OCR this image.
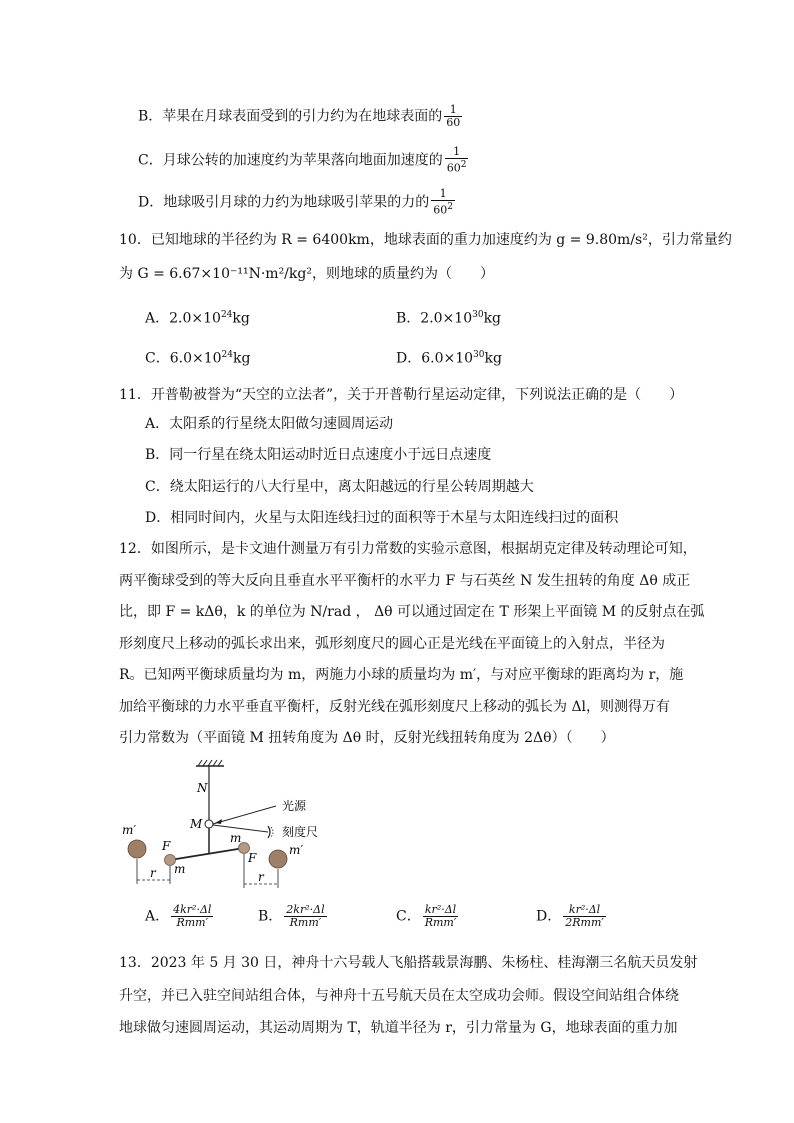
B．苹果在月球表面受到的引力约为在地球表面的 $\frac{1}{60}$
C．月球公转的加速度约为苹果落向地面加速度的 $\frac{1}{60^2}$
D．地球吸引月球的力约为地球吸引苹果的力的 $\frac{1}{60^2}$
10．已知地球的半径约为 R = 6400km，地球表面的重力加速度约为 g = 9.80m/s²，引力常量约
为 G = 6.67×10⁻¹¹N·m²/kg²，则地球的质量约为（　　）
A．$2.0\times 10^{24}kg$	B．$2.0\times 10^{30}kg$
C．$6.0\times 10^{24}kg$	D．$6.0\times 10^{30}kg$
11．开普勒被誉为“天空的立法者”，关于开普勒行星运动定律，下列说法正确的是（　　）
A．太阳系的行星绕太阳做匀速圆周运动
B．同一行星在绕太阳运动时近日点速度小于远日点速度
C．绕太阳运行的八大行星中，离太阳越远的行星公转周期越大
D．相同时间内，火星与太阳连线扫过的面积等于木星与太阳连线扫过的面积
12．如图所示，是卡文迪什测量万有引力常数的实验示意图，根据胡克定律及转动理论可知，
两平衡球受到的等大反向且垂直水平平衡杆的水平力 F 与石英丝 N 发生扭转的角度 Δθ 成正
比，即 F = kΔθ，k 的单位为 N/rad ， Δθ 可以通过固定在 T 形架上平面镜 M 的反射点在弧
形刻度尺上移动的弧长求出来，弧形刻度尺的圆心正是光线在平面镜上的入射点，半径为
R。已知两平衡球质量均为 m，两施力小球的质量均为 m′，与对应平衡球的距离均为 r，施
加给平衡球的力水平垂直平衡杆，反射光线在弧形刻度尺上移动的弧长为 Δl，则测得万有
引力常数为（平面镜 M 扭转角度为 Δθ 时，反射光线扭转角度为 2Δθ）（　　）
N
M
光源
刻度尺
m
m
m′
m′
F
F
r	r
A． $\frac{\text{4kr²·Δl}}{\text{Rmm′}}$	B． $\frac{\text{2kr²·Δl}}{\text{Rmm′}}$	C． $\frac{\text{kr²·Δl}}{\text{Rmm′}}$	D． $\frac{\text{kr²·Δl}}{\text{2Rmm′}}$
13．2023 年 5 月 30 日，神舟十六号载人飞船搭载景海鹏、朱杨柱、桂海潮三名航天员发射
升空，并已入驻空间站组合体，与神舟十五号航天员在太空成功会师。假设空间站组合体绕
地球做匀速圆周运动，其运动周期为 T，轨道半径为 r，引力常量为 G，地球表面的重力加
